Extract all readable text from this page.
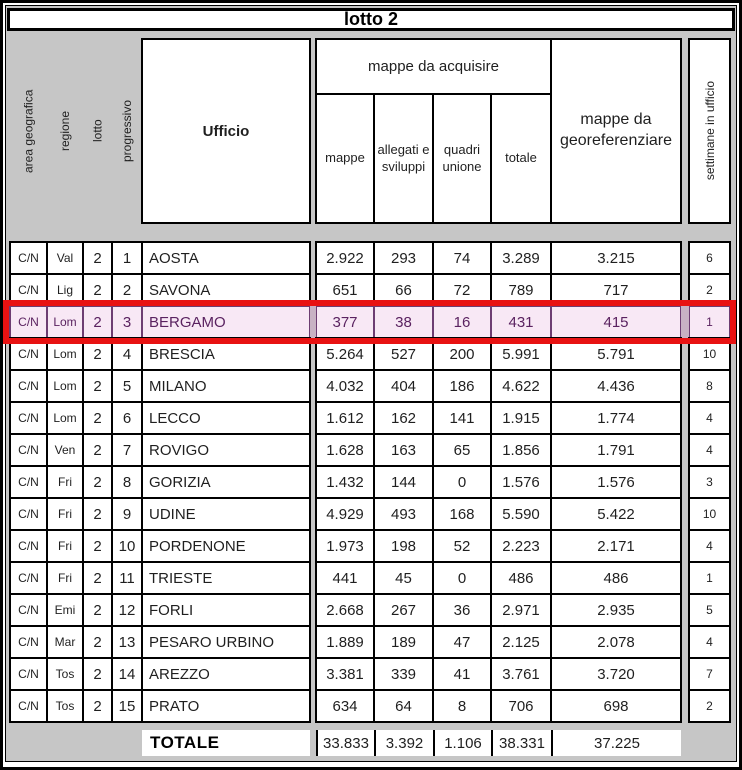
lotto 2
area geografica	regione	lotto	progressivo	Ufficio
mappe da acquisire
mappe
allegati e sviluppi
quadri unione
totale
mappe da georeferenziare	settimane in ufficio
TOTALE	33.833	3.392	1.106	38.331	37.225
C/N	Val	2	1	AOSTA	2.922	293	74	3.289	3.215	6
C/N	Lig	2	2	SAVONA	651	66	72	789	717	2
C/N	Lom	2	3	BERGAMO	377	38	16	431	415	1
C/N	Lom	2	4	BRESCIA	5.264	527	200	5.991	5.791	10
C/N	Lom	2	5	MILANO	4.032	404	186	4.622	4.436	8
C/N	Lom	2	6	LECCO	1.612	162	141	1.915	1.774	4
C/N	Ven	2	7	ROVIGO	1.628	163	65	1.856	1.791	4
C/N	Fri	2	8	GORIZIA	1.432	144	0	1.576	1.576	3
C/N	Fri	2	9	UDINE	4.929	493	168	5.590	5.422	10
C/N	Fri	2	10 PORDENONE	1.973	198	52	2.223	2.171	4
C/N	Fri	2	11 TRIESTE	441	45	0	486	486	1
C/N	Emi	2	12 FORLI	2.668	267	36	2.971	2.935	5
C/N	Mar	2	13 PESARO URBINO	1.889	189	47	2.125	2.078	4
C/N	Tos	2	14 AREZZO	3.381	339	41	3.761	3.720	7
C/N	Tos	2	15 PRATO	634	64	8	706	698	2
